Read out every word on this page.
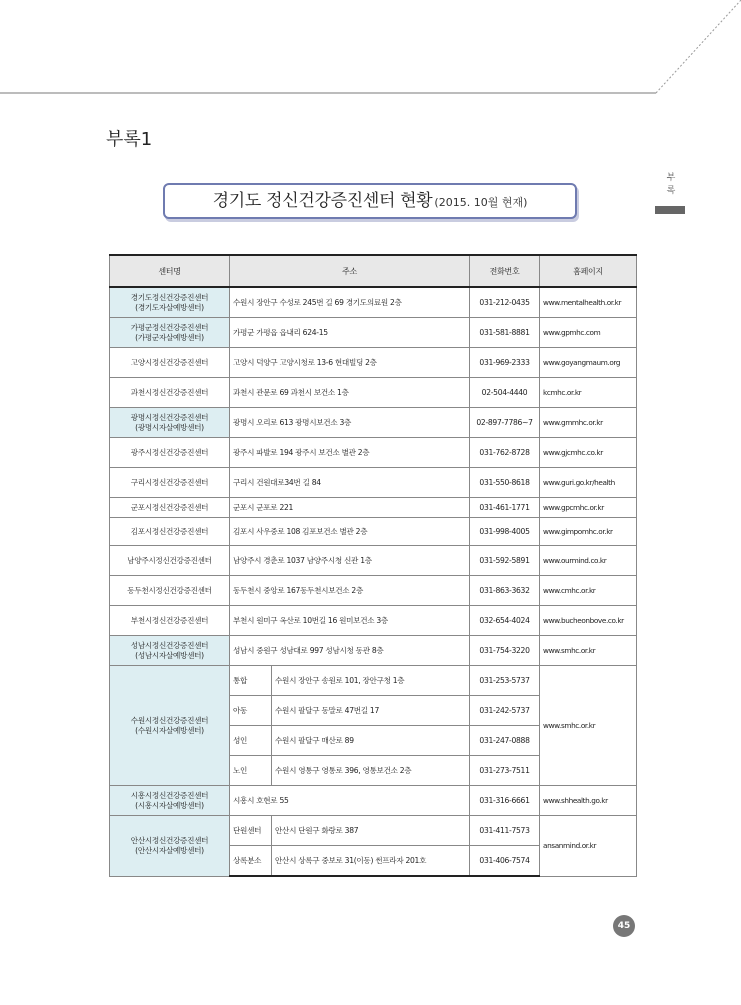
부록1
부
록
경기도 정신건강증진센터 현황 (2015. 10월 현재)
센터명	주소		전화번호	홈페이지

경기도정신건강증진센터
(경기도자살예방센터)	수원시 장안구 수성로 245번 길 69 경기도의료원 2층		031-212-0435	www.mentalhealth.or.kr

가평군정신건강증진센터
(가평군자살예방센터)	가평군 가평읍 읍내리 624-15		031-581-8881	www.gpmhc.com
고양시정신건강증진센터	고양시 덕양구 고양시청로 13-6 현대빌딩 2층		031-969-2333	www.goyangmaum.org
과천시정신건강증진센터	과천시 관문로 69 과천시 보건소 1층		02-504-4440	kcmhc.or.kr

광명시정신건강증진센터
(광명시자살예방센터)	광명시 오리로 613 광명시보건소 3층		02-897-7786~7	www.gmmhc.or.kr
광주시정신건강증진센터	광주시 파발로 194 광주시 보건소 별관 2층		031-762-8728	www.gjcmhc.co.kr
구리시정신건강증진센터	구리시 건원대로34번 길 84		031-550-8618	www.guri.go.kr/health
군포시정신건강증진센터	군포시 군포로 221		031-461-1771	www.gpcmhc.or.kr
김포시정신건강증진센터	김포시 사우중로 108 김포보건소 별관 2층		031-998-4005	www.gimpomhc.or.kr
남양주시정신건강증진센터	남양주시 경춘로 1037 남양주시청 신관 1층		031-592-5891	www.ourmind.co.kr
동두천시정신건강증진센터	동두천시 중앙로 167동두천시보건소 2층		031-863-3632	www.cmhc.or.kr
부천시정신건강증진센터	부천시 원미구 옥산로 10번길 16 원미보건소 3층		032-654-4024	www.bucheonbove.co.kr

성남시정신건강증진센터
(성남시자살예방센터)	성남시 중원구 성남대로 997 성남시청 동관 8층		031-754-3220	www.smhc.or.kr

수원시정신건강증진센터
(수원시자살예방센터)	통합	수원시 장안구 송원로 101, 장안구청 1층	031-253-5737	www.smhc.or.kr
	아동	수원시 팔달구 동말로 47번길 17	031-242-5737	
	성인	수원시 팔달구 매산로 89	031-247-0888	
	노인	수원시 영통구 영통로 396, 영통보건소 2층	031-273-7511	

시흥시정신건강증진센터
(시흥시자살예방센터)	시흥시 호현로 55		031-316-6661	www.shhealth.go.kr

안산시정신건강증진센터
(안산시자살예방센터)	단원센터	안산시 단원구 화랑로 387	031-411-7573	ansanmind.or.kr
	상록분소	안산시 상록구 중보로 31(이동) 썬프라자 201호	031-406-7574	
45
